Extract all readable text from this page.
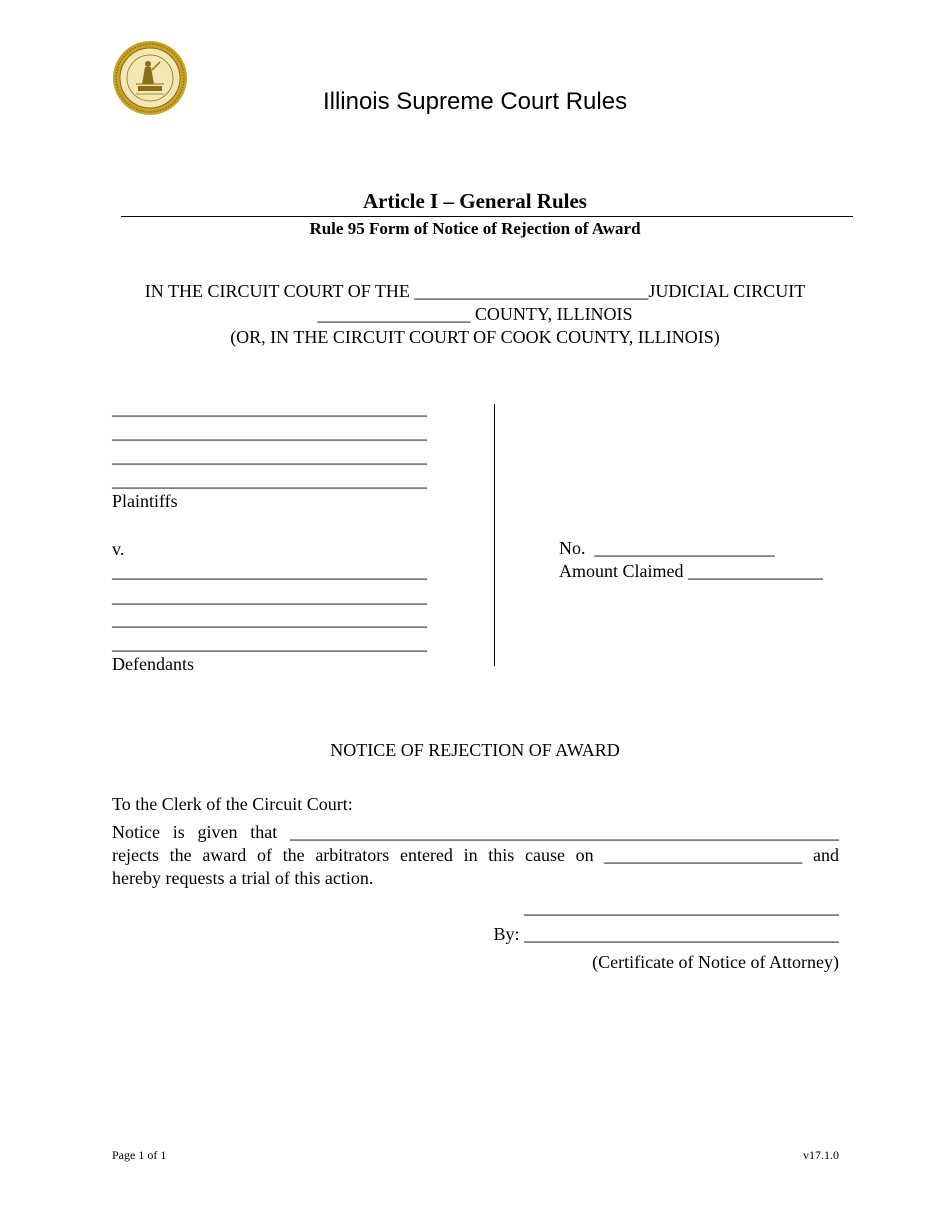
Illinois Supreme Court Rules
Article I – General Rules
Rule 95 Form of Notice of Rejection of Award
IN THE CIRCUIT COURT OF THE __________________________JUDICIAL CIRCUIT
_________________ COUNTY, ILLINOIS
(OR, IN THE CIRCUIT COURT OF COOK COUNTY, ILLINOIS)
___________________________________
___________________________________
___________________________________
___________________________________
Plaintiffs
v.
___________________________________
___________________________________
___________________________________
___________________________________
Defendants
No.  ____________________
Amount Claimed _______________
NOTICE OF REJECTION OF AWARD
To the Clerk of the Circuit Court:
Notice is given that _____________________________________________________________
rejects the award of the arbitrators entered in this cause on ______________________ and
hereby requests a trial of this action.
___________________________________
By: ___________________________________
(Certificate of Notice of Attorney)
Page 1 of 1	v17.1.0
